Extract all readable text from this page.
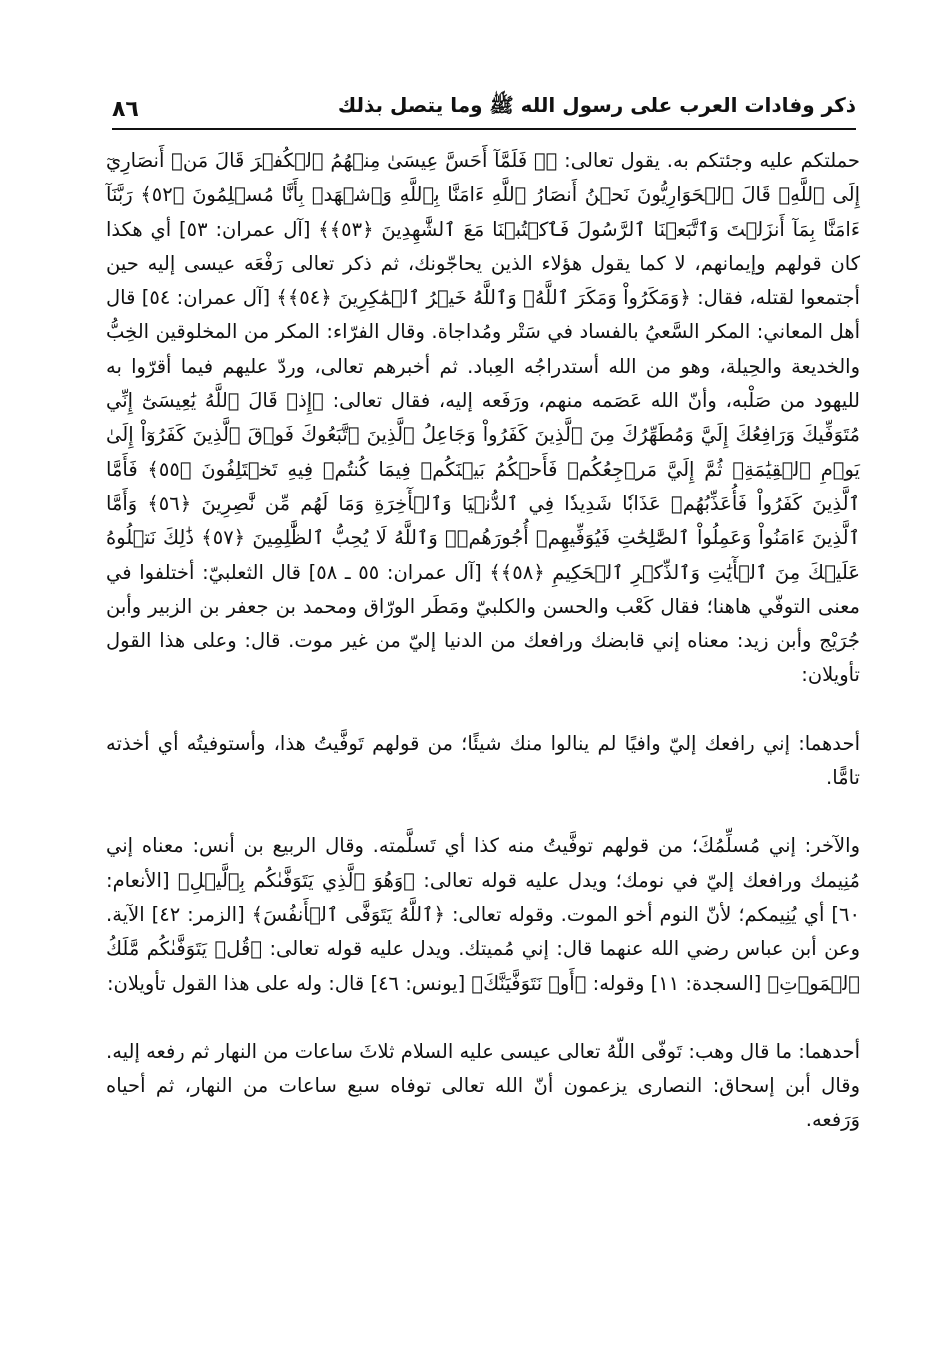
ذكر وفادات العرب على رسول الله ﷺ وما يتصل بذلك
٨٦

حملتكم عليه وجئتكم به. يقول تعالى: ﴿۞ فَلَمَّآ أَحَسَّ عِيسَىٰ مِنۡهُمُ ٱلۡكُفۡرَ قَالَ مَنۡ أَنصَارِيٓ إِلَى ٱللَّهِۖ قَالَ ٱلۡحَوَارِيُّونَ نَحۡنُ أَنصَارُ ٱللَّهِ ءَامَنَّا بِٱللَّهِ وَٱشۡهَدۡ بِأَنَّا مُسۡلِمُونَ ﴿٥٢﴾ رَبَّنَآ ءَامَنَّا بِمَآ أَنزَلۡتَ وَٱتَّبَعۡنَا ٱلرَّسُولَ فَٱكۡتُبۡنَا مَعَ ٱلشَّٰهِدِينَ ﴿٥٣﴾﴾ [آل عمران: ٥٣] أي هكذا كان قولهم وإيمانهم، لا كما يقول هؤلاء الذين يحاجّونك، ثم ذكر تعالى رَفْعَه عيسى إليه حين أجتمعوا لقتله، فقال: ﴿وَمَكَرُواْ وَمَكَرَ ٱللَّهُۖ وَٱللَّهُ خَيۡرُ ٱلۡمَٰكِرِينَ ﴿٥٤﴾﴾ [آل عمران: ٥٤] قال أهل المعاني: المكر السَّعيُ بالفساد في سَتْر ومُداجاة. وقال الفرّاء: المكر من المخلوقين الخِبُّ والخديعة والحِيلة، وهو من الله أستدراجُه العِباد. ثم أخبرهم تعالى، وردّ عليهم فيما أقرّوا به لليهود من صَلْبه، وأنّ الله عَصَمه منهم، ورَفَعه إليه، فقال تعالى: ﴿إِذۡ قَالَ ٱللَّهُ يَٰعِيسَىٰٓ إِنِّي مُتَوَفِّيكَ وَرَافِعُكَ إِلَيَّ وَمُطَهِّرُكَ مِنَ ٱلَّذِينَ كَفَرُواْ وَجَاعِلُ ٱلَّذِينَ ٱتَّبَعُوكَ فَوۡقَ ٱلَّذِينَ كَفَرُوٓاْ إِلَىٰ يَوۡمِ ٱلۡقِيَٰمَةِۖ ثُمَّ إِلَيَّ مَرۡجِعُكُمۡ فَأَحۡكُمُ بَيۡنَكُمۡ فِيمَا كُنتُمۡ فِيهِ تَخۡتَلِفُونَ ﴿٥٥﴾ فَأَمَّا ٱلَّذِينَ كَفَرُواْ فَأُعَذِّبُهُمۡ عَذَابٗا شَدِيدٗا فِي ٱلدُّنۡيَا وَٱلۡأٓخِرَةِ وَمَا لَهُم مِّن نَّٰصِرِينَ ﴿٥٦﴾ وَأَمَّا ٱلَّذِينَ ءَامَنُواْ وَعَمِلُواْ ٱلصَّٰلِحَٰتِ فَيُوَفِّيهِمۡ أُجُورَهُمۡۗ وَٱللَّهُ لَا يُحِبُّ ٱلظَّٰلِمِينَ ﴿٥٧﴾ ذَٰلِكَ نَتۡلُوهُ عَلَيۡكَ مِنَ ٱلۡأٓيَٰتِ وَٱلذِّكۡرِ ٱلۡحَكِيمِ ﴿٥٨﴾﴾ [آل عمران: ٥٥ ـ ٥٨] قال الثعلبيّ: أختلفوا في معنى التوفّي هاهنا؛ فقال كَعْب والحسن والكلبيّ ومَطَر الورّاق ومحمد بن جعفر بن الزبير وأبن جُرَيْج وأبن زيد: معناه إني قابضك ورافعك من الدنيا إليّ من غير موت. قال: وعلى هذا القول تأويلان:

أحدهما: إني رافعك إليّ وافيًا لم ينالوا منك شيئًا؛ من قولهم تَوفَّيتُ هذا، وأستوفيتُه أي أخذته تامًّا.

والآخر: إني مُسلِّمُكَ؛ من قولهم توفَّيتُ منه كذا أي تَسلَّمته. وقال الربيع بن أنس: معناه إني مُنِيمك ورافعك إليّ في نومك؛ ويدل عليه قوله تعالى: ﴿وَهُوَ ٱلَّذِي يَتَوَفَّىٰكُم بِٱلَّيۡلِ﴾ [الأنعام: ٦٠] أي يُنِيمكم؛ لأنّ النوم أخو الموت. وقوله تعالى: ﴿ٱللَّهُ يَتَوَفَّى ٱلۡأَنفُسَ﴾ [الزمر: ٤٢] الآية. وعن أبن عباس رضي الله عنهما قال: إني مُميتك. ويدل عليه قوله تعالى: ﴿قُلۡ يَتَوَفَّىٰكُم مَّلَكُ ٱلۡمَوۡتِ﴾ [السجدة: ١١] وقوله: ﴿أَوۡ نَتَوَفَّيَنَّكَ﴾ [يونس: ٤٦] قال: وله على هذا القول تأويلان:

أحدهما: ما قال وهب: تَوفّى اللّهُ تعالى عيسى عليه السلام ثلاثَ ساعات من النهار ثم رفعه إليه. وقال أبن إسحاق: النصارى يزعمون أنّ الله تعالى توفاه سبع ساعات من النهار، ثم أحياه وَرَفعه.
